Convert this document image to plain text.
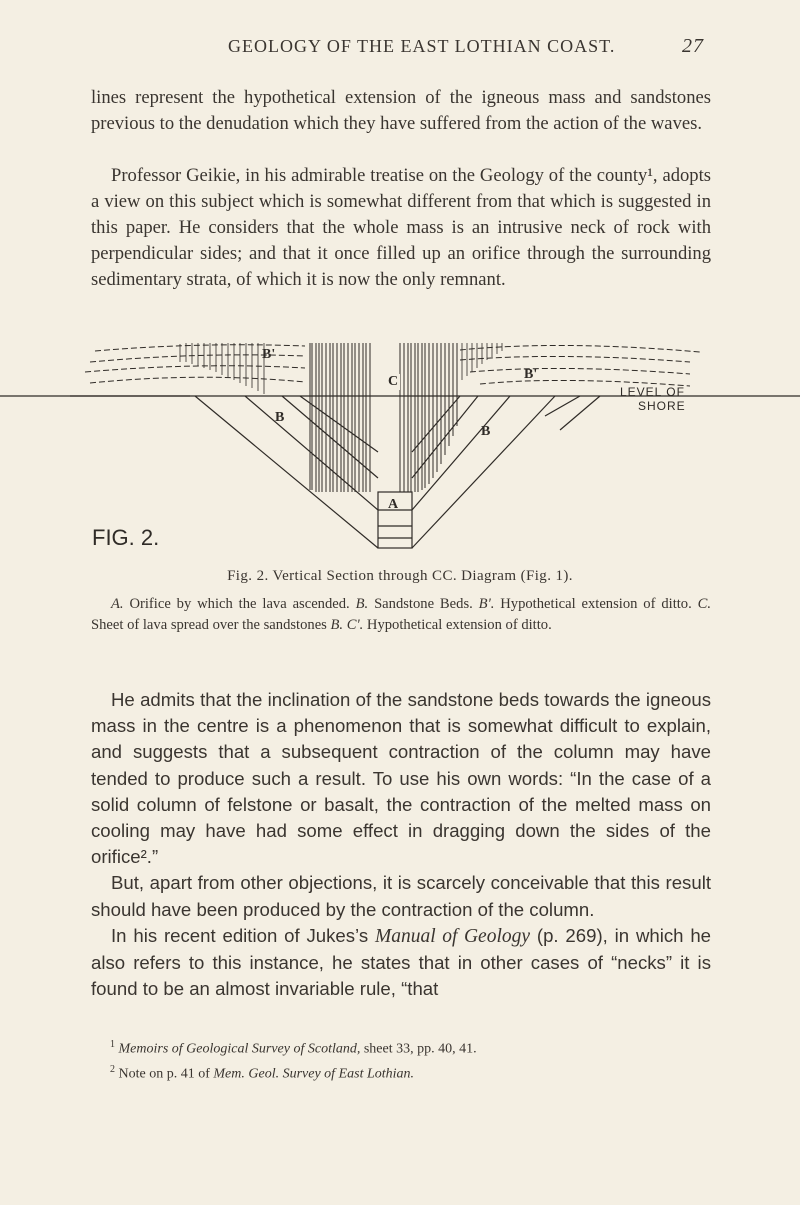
GEOLOGY OF THE EAST LOTHIAN COAST.	27

lines represent the hypothetical extension of the igneous mass and sandstones previous to the denudation which they have suffered from the action of the waves.

Professor Geikie, in his admirable treatise on the Geology of the county¹, adopts a view on this subject which is somewhat different from that which is suggested in this paper. He considers that the whole mass is an intrusive neck of rock with perpendicular sides; and that it once filled up an orifice through the surrounding sedimentary strata, of which it is now the only remnant.

B'
B
C
A
B
B'
FIG. 2.
LEVEL OF
SHORE
Fig. 2. Vertical Section through CC. Diagram (Fig. 1).

A. Orifice by which the lava ascended. B. Sandstone Beds. B'. Hypothetical extension of ditto. C. Sheet of lava spread over the sandstones B. C'. Hypothetical extension of ditto.

He admits that the inclination of the sandstone beds towards the igneous mass in the centre is a phenomenon that is somewhat difficult to explain, and suggests that a subsequent contraction of the column may have tended to produce such a result. To use his own words: “In the case of a solid column of felstone or basalt, the contraction of the melted mass on cooling may have had some effect in dragging down the sides of the orifice².”

But, apart from other objections, it is scarcely conceivable that this result should have been produced by the contraction of the column.

In his recent edition of Jukes’s Manual of Geology (p. 269), in which he also refers to this instance, he states that in other cases of “necks” it is found to be an almost invariable rule, “that

$^1$ Memoirs of Geological Survey of Scotland, sheet 33, pp. 40, 41.
$^2$ Note on p. 41 of Mem. Geol. Survey of East Lothian.
